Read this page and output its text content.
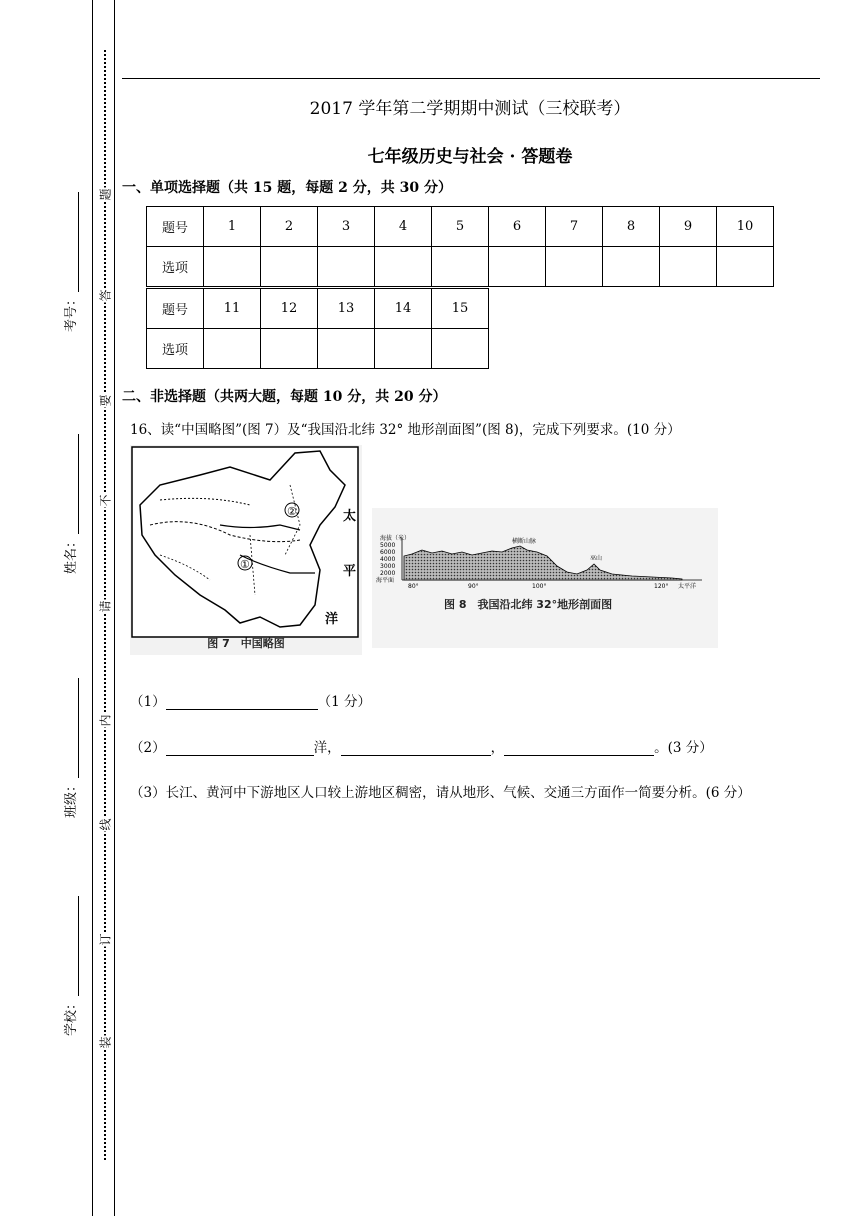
题
答
要
不
请
内
线
订
装
考号：
姓名：
班级：
学校：
2017 学年第二学期期中测试（三校联考）
七年级历史与社会 · 答题卷
一、单项选择题（共 15 题，每题 2 分，共 30 分）
题号	1	2	3	4	5	6	7	8	9	10
选项										
题号	11	12	13	14	15
选项					
二、非选择题（共两大题，每题 10 分，共 20 分）
16、读“中国略图”(图 7）及“我国沿北纬 32° 地形剖面图”(图 8)，完成下列要求。(10 分）
②
①
太
平
洋
图 7　中国略图
海拔（米）
5000
6000
4000
3000
2000
海平面
横断山脉
巫山
80°	90°	100°	120° 太平洋
图 8　我国沿北纬 32°地形剖面图
（1）	（1 分）
（2）	洋，	，	。(3 分）
（3）长江、黄河中下游地区人口较上游地区稠密，请从地形、气候、交通三方面作一简要分析。(6 分）
